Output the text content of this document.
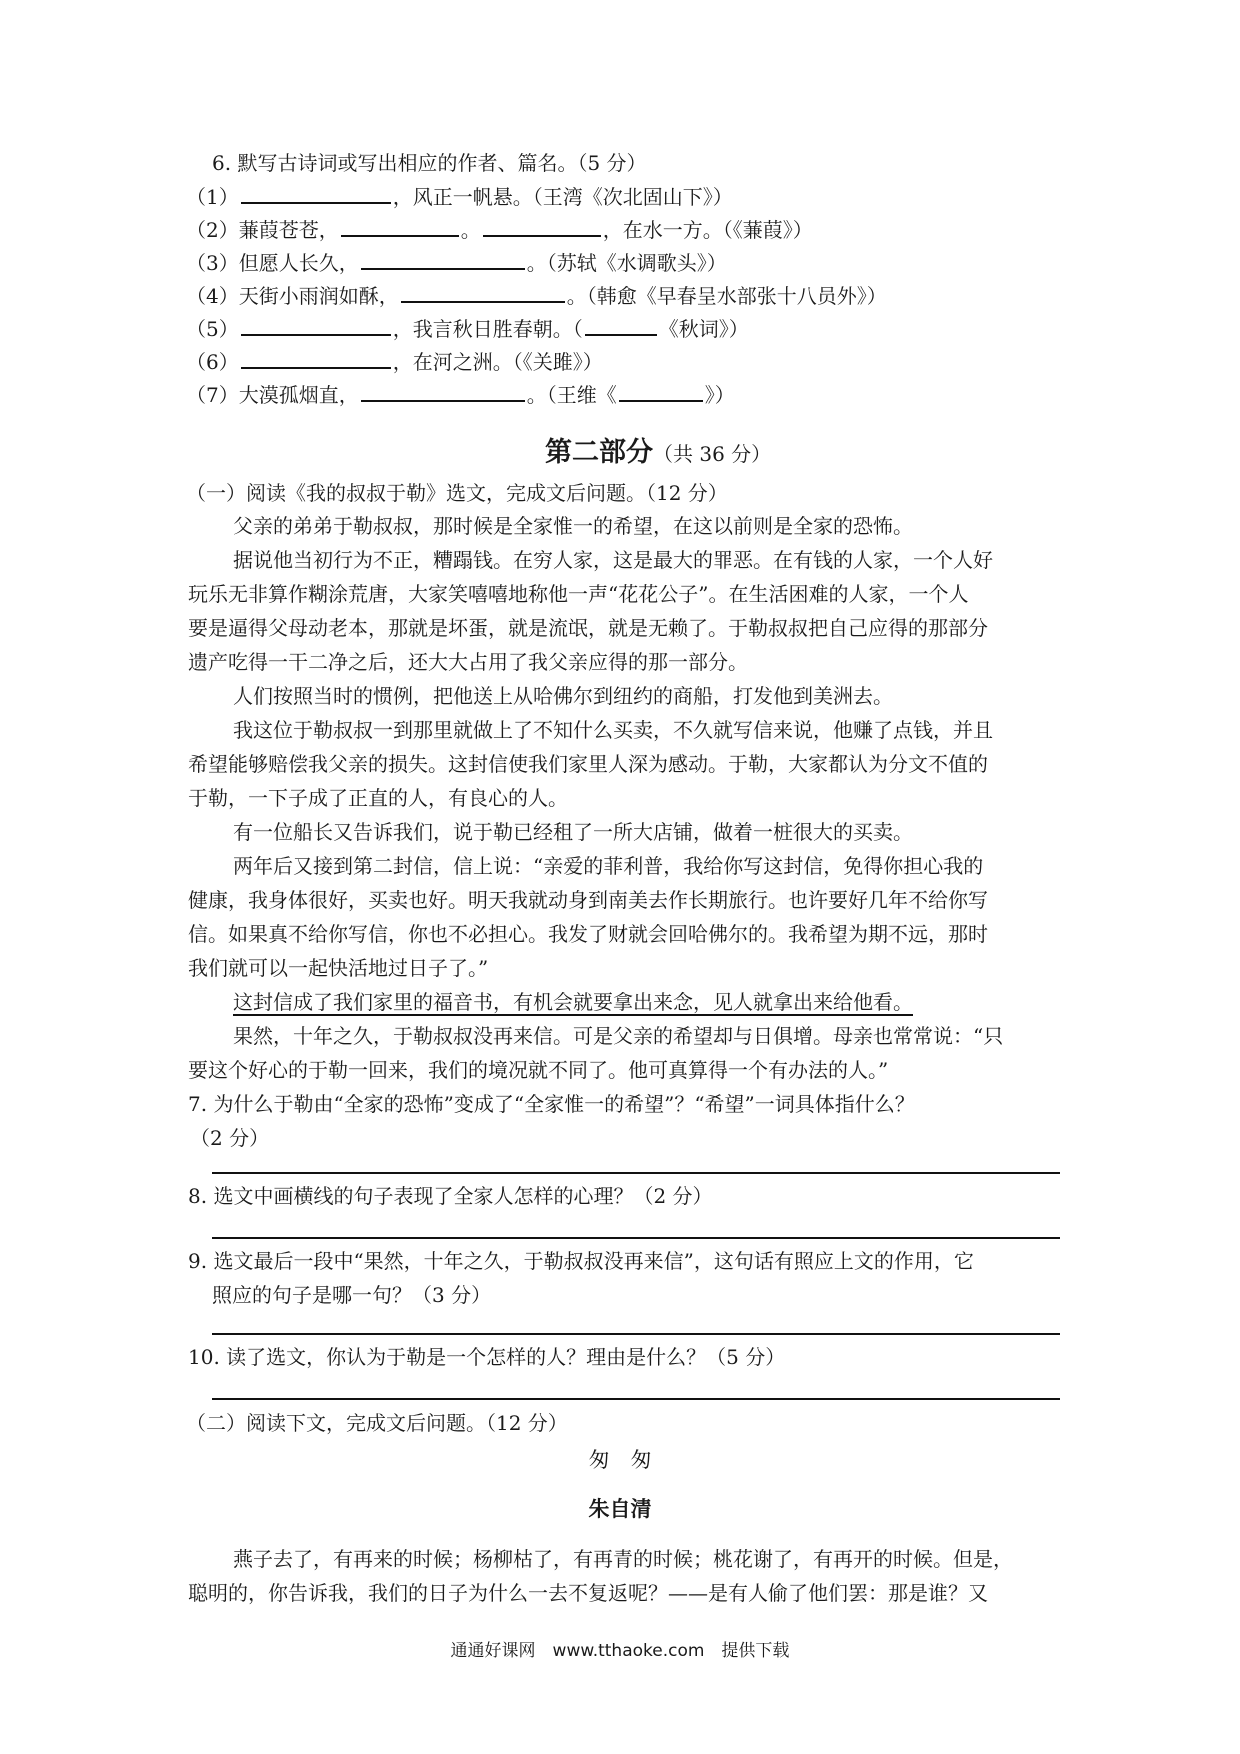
6. 默写古诗词或写出相应的作者、篇名。（5 分）
（1）	，风正一帆悬。（王湾《次北固山下》）
（2）蒹葭苍苍，	。	，在水一方。（《蒹葭》）
（3）但愿人长久，	。（苏轼《水调歌头》）
（4）天街小雨润如酥，	。（韩愈《早春呈水部张十八员外》）
（5）	，我言秋日胜春朝。（	《秋词》）
（6）	，在河之洲。（《关雎》）
（7）大漠孤烟直，	。（王维《	》）
第二部分（共 36 分）
（一）阅读《我的叔叔于勒》选文，完成文后问题。（12 分）
父亲的弟弟于勒叔叔，那时候是全家惟一的希望，在这以前则是全家的恐怖。
据说他当初行为不正，糟蹋钱。在穷人家，这是最大的罪恶。在有钱的人家，一个人好
玩乐无非算作糊涂荒唐，大家笑嘻嘻地称他一声“花花公子”。在生活困难的人家，一个人
要是逼得父母动老本，那就是坏蛋，就是流氓，就是无赖了。于勒叔叔把自己应得的那部分
遗产吃得一干二净之后，还大大占用了我父亲应得的那一部分。
人们按照当时的惯例，把他送上从哈佛尔到纽约的商船，打发他到美洲去。
我这位于勒叔叔一到那里就做上了不知什么买卖，不久就写信来说，他赚了点钱，并且
希望能够赔偿我父亲的损失。这封信使我们家里人深为感动。于勒，大家都认为分文不值的
于勒，一下子成了正直的人，有良心的人。
有一位船长又告诉我们，说于勒已经租了一所大店铺，做着一桩很大的买卖。
两年后又接到第二封信，信上说：“亲爱的菲利普，我给你写这封信，免得你担心我的
健康，我身体很好，买卖也好。明天我就动身到南美去作长期旅行。也许要好几年不给你写
信。如果真不给你写信，你也不必担心。我发了财就会回哈佛尔的。我希望为期不远，那时
我们就可以一起快活地过日子了。”
这封信成了我们家里的福音书，有机会就要拿出来念，见人就拿出来给他看。
果然，十年之久，于勒叔叔没再来信。可是父亲的希望却与日俱增。母亲也常常说：“只
要这个好心的于勒一回来，我们的境况就不同了。他可真算得一个有办法的人。”
7. 为什么于勒由“全家的恐怖”变成了“全家惟一的希望”？“希望”一词具体指什么？
（2 分）
8. 选文中画横线的句子表现了全家人怎样的心理？（2 分）
9. 选文最后一段中“果然，十年之久，于勒叔叔没再来信”，这句话有照应上文的作用，它
照应的句子是哪一句？（3 分）
10. 读了选文，你认为于勒是一个怎样的人？理由是什么？（5 分）
（二）阅读下文，完成文后问题。（12 分）
匆　匆
朱自清
燕子去了，有再来的时候；杨柳枯了，有再青的时候；桃花谢了，有再开的时候。但是，
聪明的，你告诉我，我们的日子为什么一去不复返呢？——是有人偷了他们罢：那是谁？又
通通好课网　www.tthaoke.com　提供下载
